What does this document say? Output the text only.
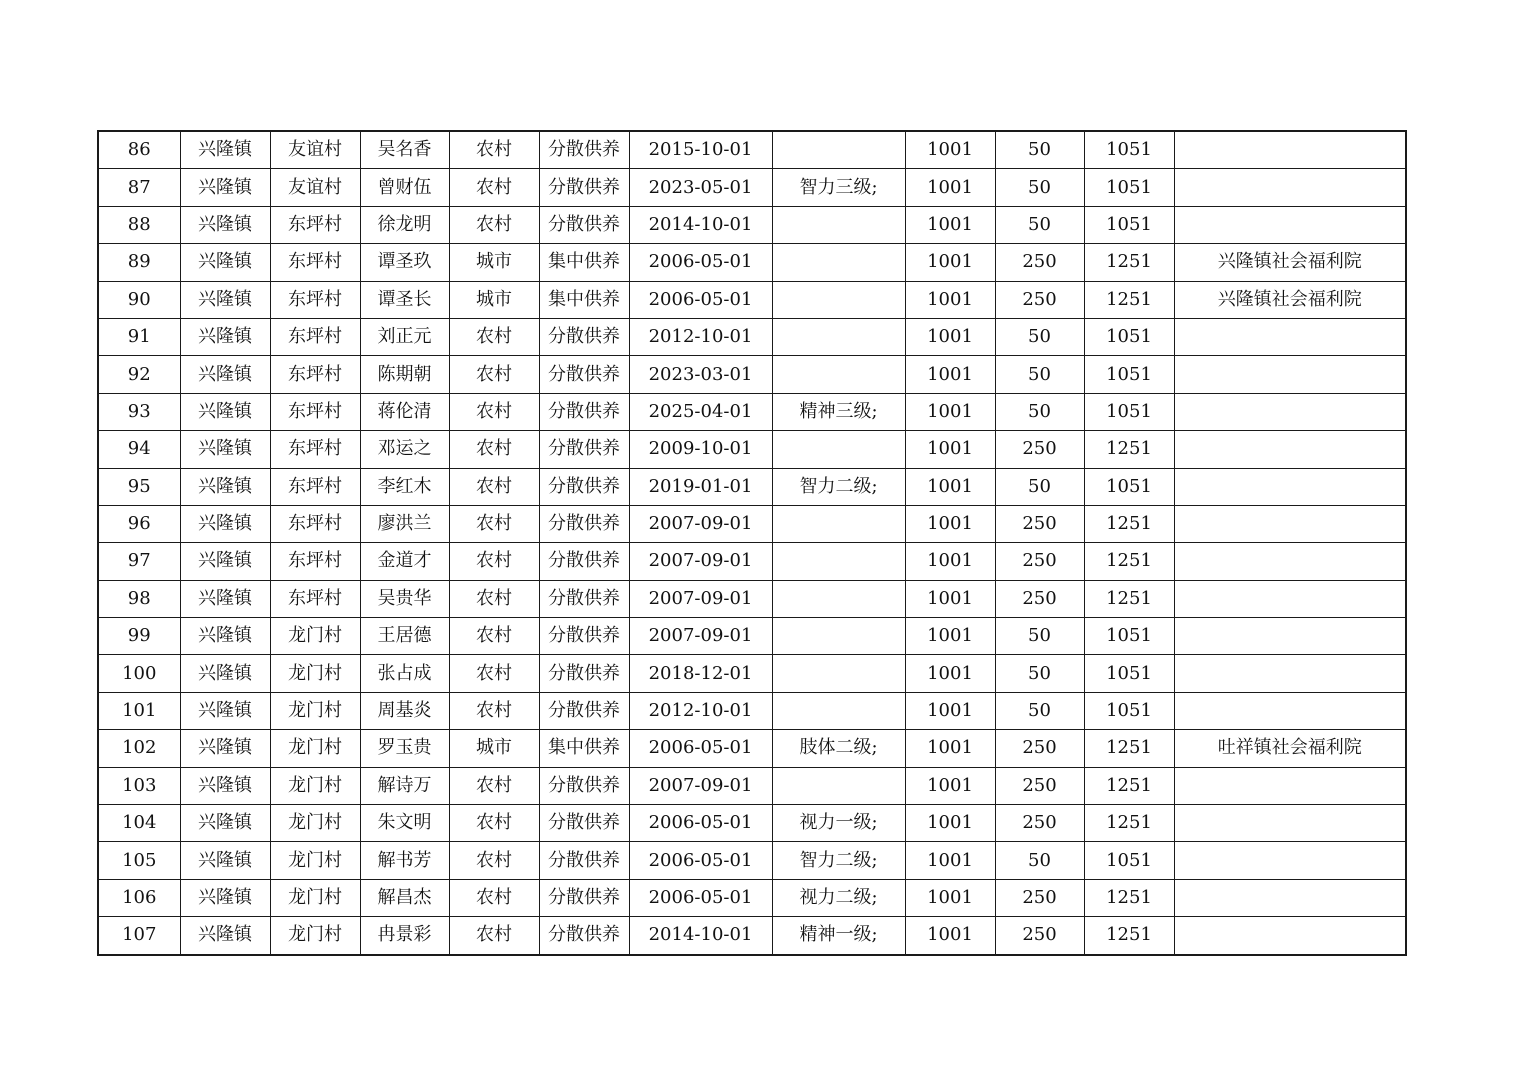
86	兴隆镇	友谊村	吴名香	农村	分散供养	2015-10-01		1001	50	1051	
87	兴隆镇	友谊村	曾财伍	农村	分散供养	2023-05-01	智力三级;	1001	50	1051	
88	兴隆镇	东坪村	徐龙明	农村	分散供养	2014-10-01		1001	50	1051	
89	兴隆镇	东坪村	谭圣玖	城市	集中供养	2006-05-01		1001	250	1251	兴隆镇社会福利院
90	兴隆镇	东坪村	谭圣长	城市	集中供养	2006-05-01		1001	250	1251	兴隆镇社会福利院
91	兴隆镇	东坪村	刘正元	农村	分散供养	2012-10-01		1001	50	1051	
92	兴隆镇	东坪村	陈期朝	农村	分散供养	2023-03-01		1001	50	1051	
93	兴隆镇	东坪村	蒋伦清	农村	分散供养	2025-04-01	精神三级;	1001	50	1051	
94	兴隆镇	东坪村	邓运之	农村	分散供养	2009-10-01		1001	250	1251	
95	兴隆镇	东坪村	李红木	农村	分散供养	2019-01-01	智力二级;	1001	50	1051	
96	兴隆镇	东坪村	廖洪兰	农村	分散供养	2007-09-01		1001	250	1251	
97	兴隆镇	东坪村	金道才	农村	分散供养	2007-09-01		1001	250	1251	
98	兴隆镇	东坪村	吴贵华	农村	分散供养	2007-09-01		1001	250	1251	
99	兴隆镇	龙门村	王居德	农村	分散供养	2007-09-01		1001	50	1051	
100	兴隆镇	龙门村	张占成	农村	分散供养	2018-12-01		1001	50	1051	
101	兴隆镇	龙门村	周基炎	农村	分散供养	2012-10-01		1001	50	1051	
102	兴隆镇	龙门村	罗玉贵	城市	集中供养	2006-05-01	肢体二级;	1001	250	1251	吐祥镇社会福利院
103	兴隆镇	龙门村	解诗万	农村	分散供养	2007-09-01		1001	250	1251	
104	兴隆镇	龙门村	朱文明	农村	分散供养	2006-05-01	视力一级;	1001	250	1251	
105	兴隆镇	龙门村	解书芳	农村	分散供养	2006-05-01	智力二级;	1001	50	1051	
106	兴隆镇	龙门村	解昌杰	农村	分散供养	2006-05-01	视力二级;	1001	250	1251	
107	兴隆镇	龙门村	冉景彩	农村	分散供养	2014-10-01	精神一级;	1001	250	1251	
